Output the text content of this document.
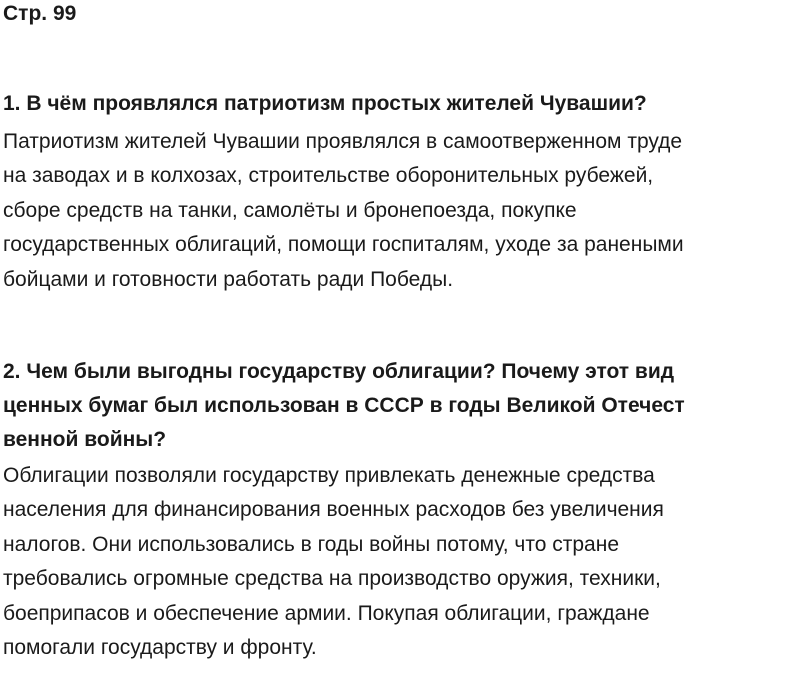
Стр. 99
1. В чём проявлялся патриотизм простых жителей Чувашии?
Патриотизм жителей Чувашии проявлялся в самоотверженном труде
на заводах и в колхозах, строительстве оборонительных рубежей,
сборе средств на танки, самолёты и бронепоезда, покупке
государственных облигаций, помощи госпиталям, уходе за ранеными
бойцами и готовности работать ради Победы.
2. Чем были выгодны государству облигации? Почему этот вид
ценных бумаг был использован в СССР в годы Великой Отечест
венной войны?
Облигации позволяли государству привлекать денежные средства
населения для финансирования военных расходов без увеличения
налогов. Они использовались в годы войны потому, что стране
требовались огромные средства на производство оружия, техники,
боеприпасов и обеспечение армии. Покупая облигации, граждане
помогали государству и фронту.
